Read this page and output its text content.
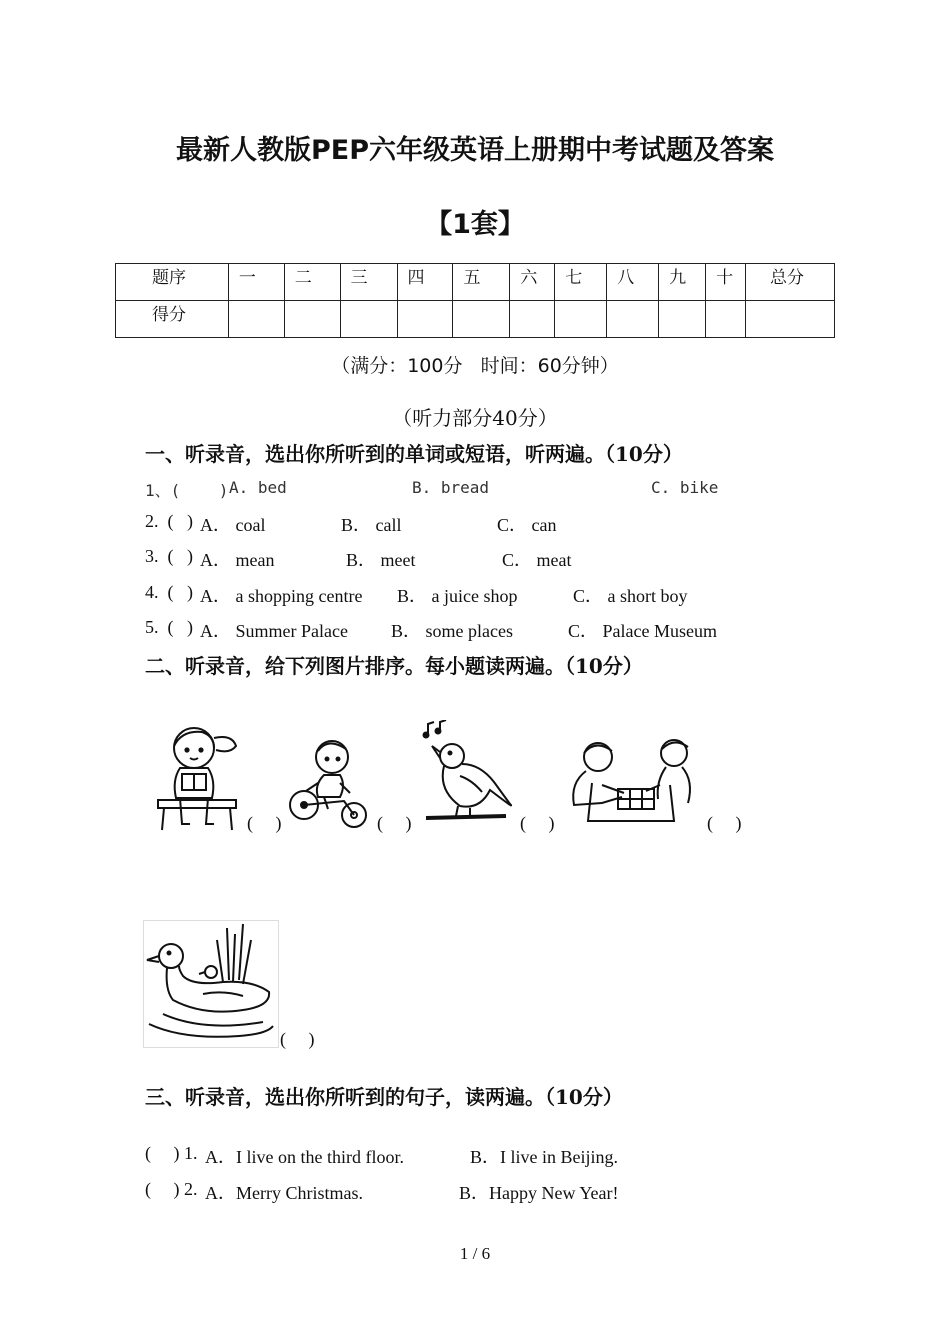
最新人教版PEP六年级英语上册期中考试题及答案
【1套】
题序	一	二	三	四	五	六	七	八	九	十	总分
得分											
（满分：100分   时间：60分钟）
（听力部分40分）
一、听录音，选出你所听到的单词或短语，听两遍。（10分）
1、(    ) A. bed	B. bread	C. bike
2.  (   ) A． coal	B． call	C． can
3.  (   ) A． mean	B． meet	C． meat
4.  (   ) A． a shopping centre B． a juice shop	C． a short boy
5.  (   ) A． Summer Palace B． some places	C． Palace Museum
二、听录音，给下列图片排序。每小题读两遍。（10分）
(     )	(     )	(     )	(     )
(     )
三、听录音，选出你所听到的句子，读两遍。（10分）
(     ) 1. A．I live on the third floor.	B．I live in Beijing.
(     ) 2. A．Merry Christmas.	B．Happy New Year!
1 / 6
